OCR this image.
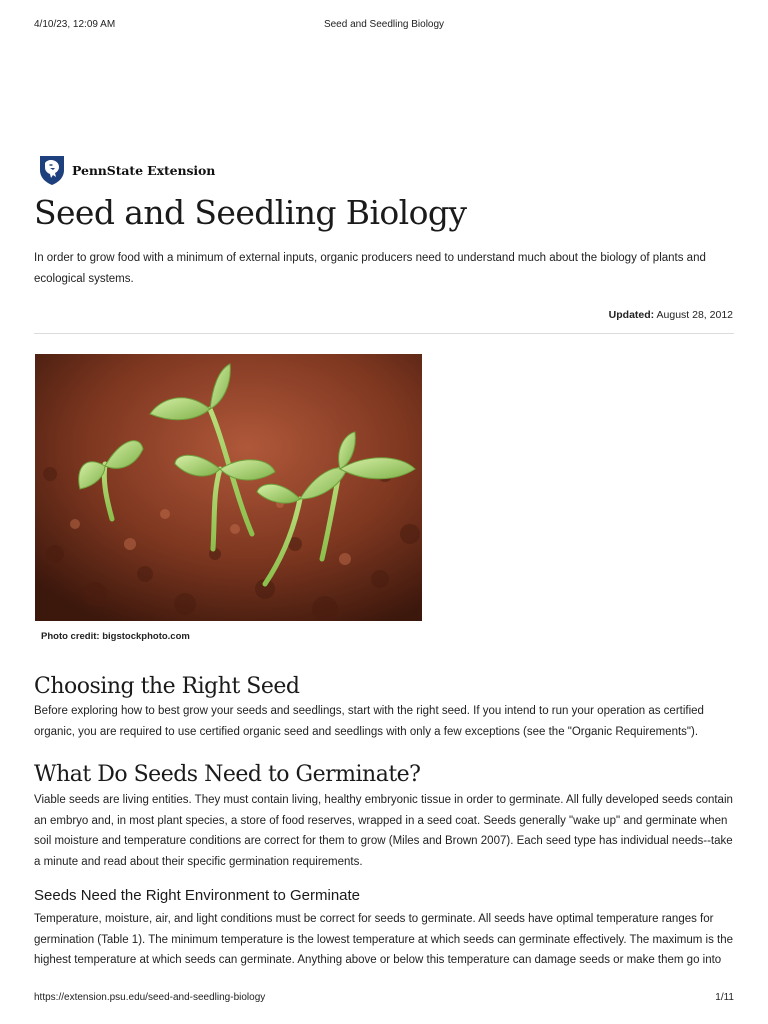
4/10/23, 12:09 AM	Seed and Seedling Biology
PennState Extension
Seed and Seedling Biology

In order to grow food with a minimum of external inputs, organic producers need to understand much about the biology of plants and ecological systems.

Updated: August 28, 2012
Photo credit: bigstockphoto.com
Choosing the Right Seed

Before exploring how to best grow your seeds and seedlings, start with the right seed. If you intend to run your operation as certified organic, you are required to use certified organic seed and seedlings with only a few exceptions (see the "Organic Requirements").

What Do Seeds Need to Germinate?

Viable seeds are living entities. They must contain living, healthy embryonic tissue in order to germinate. All fully developed seeds contain an embryo and, in most plant species, a store of food reserves, wrapped in a seed coat. Seeds generally "wake up" and germinate when soil moisture and temperature conditions are correct for them to grow (Miles and Brown 2007). Each seed type has individual needs--take a minute and read about their specific germination requirements.

Seeds Need the Right Environment to Germinate

Temperature, moisture, air, and light conditions must be correct for seeds to germinate. All seeds have optimal temperature ranges for germination (Table 1). The minimum temperature is the lowest temperature at which seeds can germinate effectively. The maximum is the highest temperature at which seeds can germinate. Anything above or below this temperature can damage seeds or make them go into

https://extension.psu.edu/seed-and-seedling-biology	1/11
